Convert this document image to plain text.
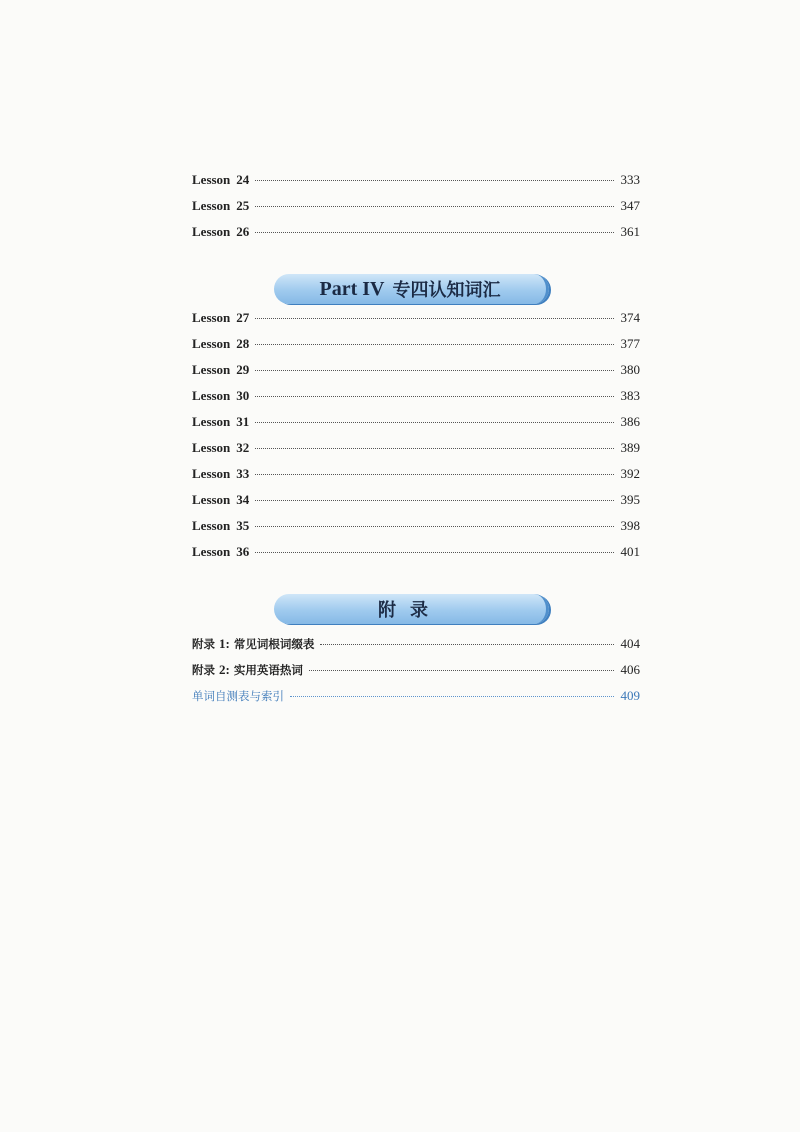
Lesson 24	333
Lesson 25	347
Lesson 26	361
Part IV 专四认知词汇
Lesson 27	374
Lesson 28	377
Lesson 29	380
Lesson 30	383
Lesson 31	386
Lesson 32	389
Lesson 33	392
Lesson 34	395
Lesson 35	398
Lesson 36	401
附录
附录 1: 常见词根词缀表	404
附录 2: 实用英语热词	406
单词自测表与索引	409
